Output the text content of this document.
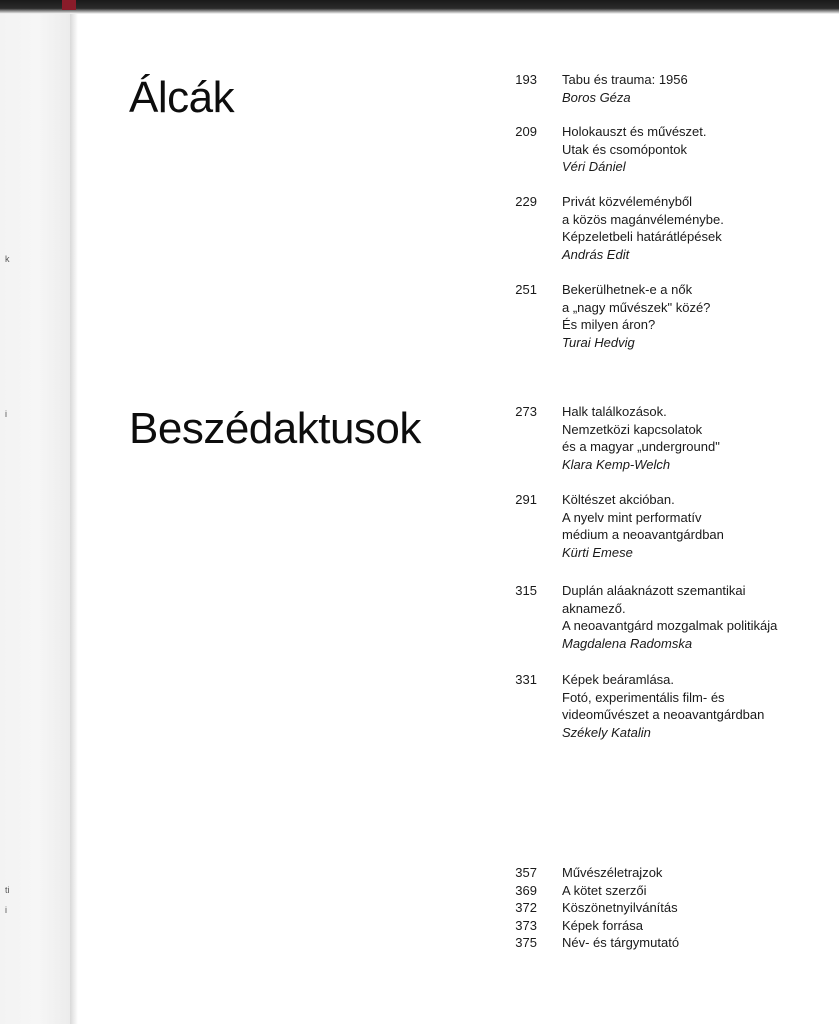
k
i
ti
i
Álcák
Beszédaktusok
193 Tabu és trauma: 1956
Boros Géza
209 Holokauszt és művészet.
Utak és csomópontok
Véri Dániel
229 Privát közvéleményből
a közös magánvéleménybe.
Képzeletbeli határátlépések
András Edit
251 Bekerülhetnek-e a nők
a „nagy művészek" közé?
És milyen áron?
Turai Hedvig
273 Halk találkozások.
Nemzetközi kapcsolatok
és a magyar „underground"
Klara Kemp-Welch
291 Költészet akcióban.
A nyelv mint performatív
médium a neoavantgárdban
Kürti Emese
315 Duplán aláaknázott szemantikai
aknamező.
A neoavantgárd mozgalmak politikája
Magdalena Radomska
331 Képek beáramlása.
Fotó, experimentális film- és
videoművészet a neoavantgárdban
Székely Katalin
357 Művészéletrajzok
369 A kötet szerzői
372 Köszönetnyilvánítás
373 Képek forrása
375 Név- és tárgymutató
